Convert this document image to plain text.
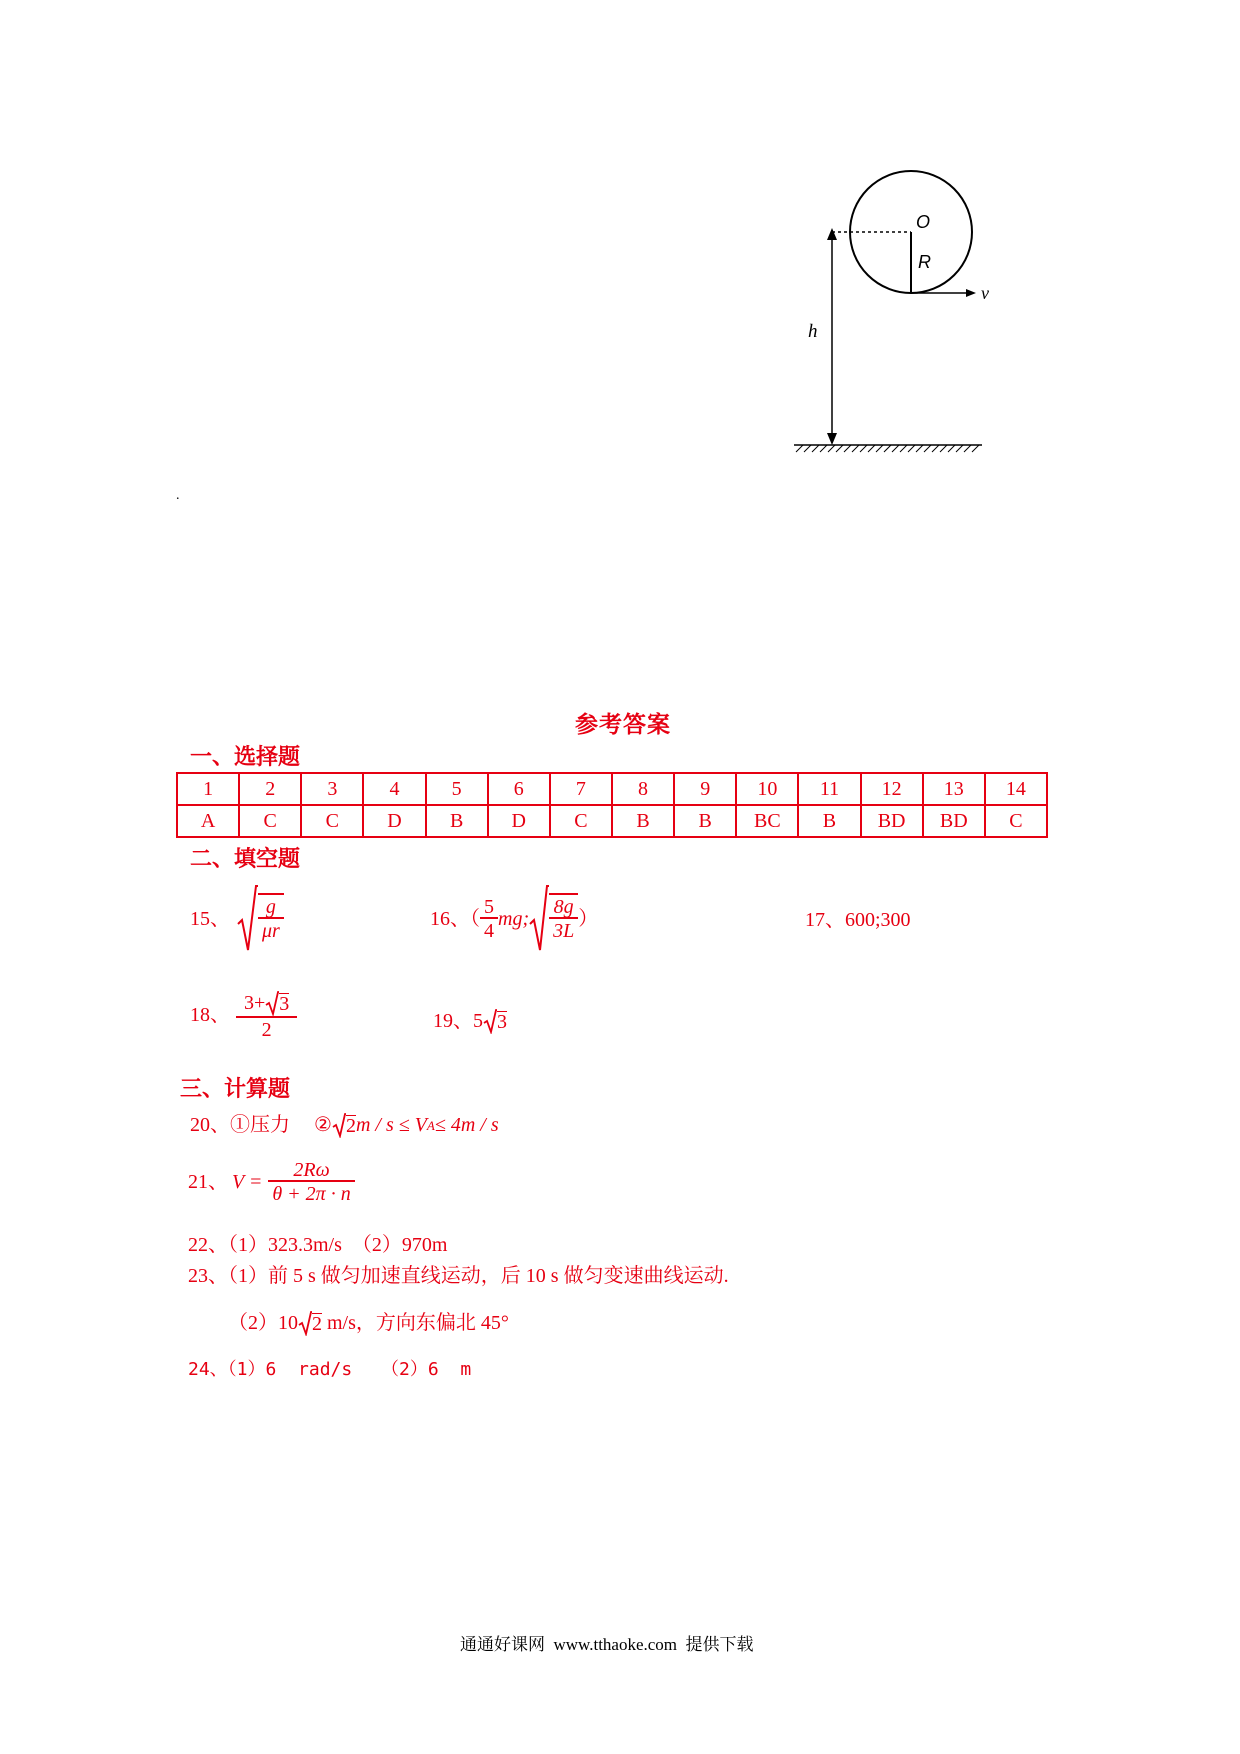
O
R
v
h
.
参考答案
一、选择题
1	2	3	4	5	6	7	8	9	10	11	12	13	14
A	C	C	D	B	D	C	B	B	BC	B	BD	BD	C
二、填空题
15、 $\frac{g}{\mu r}$	16、（ $\frac{5}{4}$ mg; $\frac{8g}{3L}$ ）	17、600;300
18、 $\frac{3+ 3}{2}$	19、5 3
三、计算题
20、①压力 ② 2 m / s ≤ V A ≤ 4m / s
21、 $V = \frac{2R\omega}{\theta + 2\pi \cdot n}$
22、（1）323.3m/s　（2）970m
23、（1）前 5 s 做匀加速直线运动，后 10 s 做匀变速曲线运动.
（2）10 2 m/s，方向东偏北 45°
24、（1）6  rad/s　 （2）6  m
通通好课网  www.tthaoke.com  提供下载
